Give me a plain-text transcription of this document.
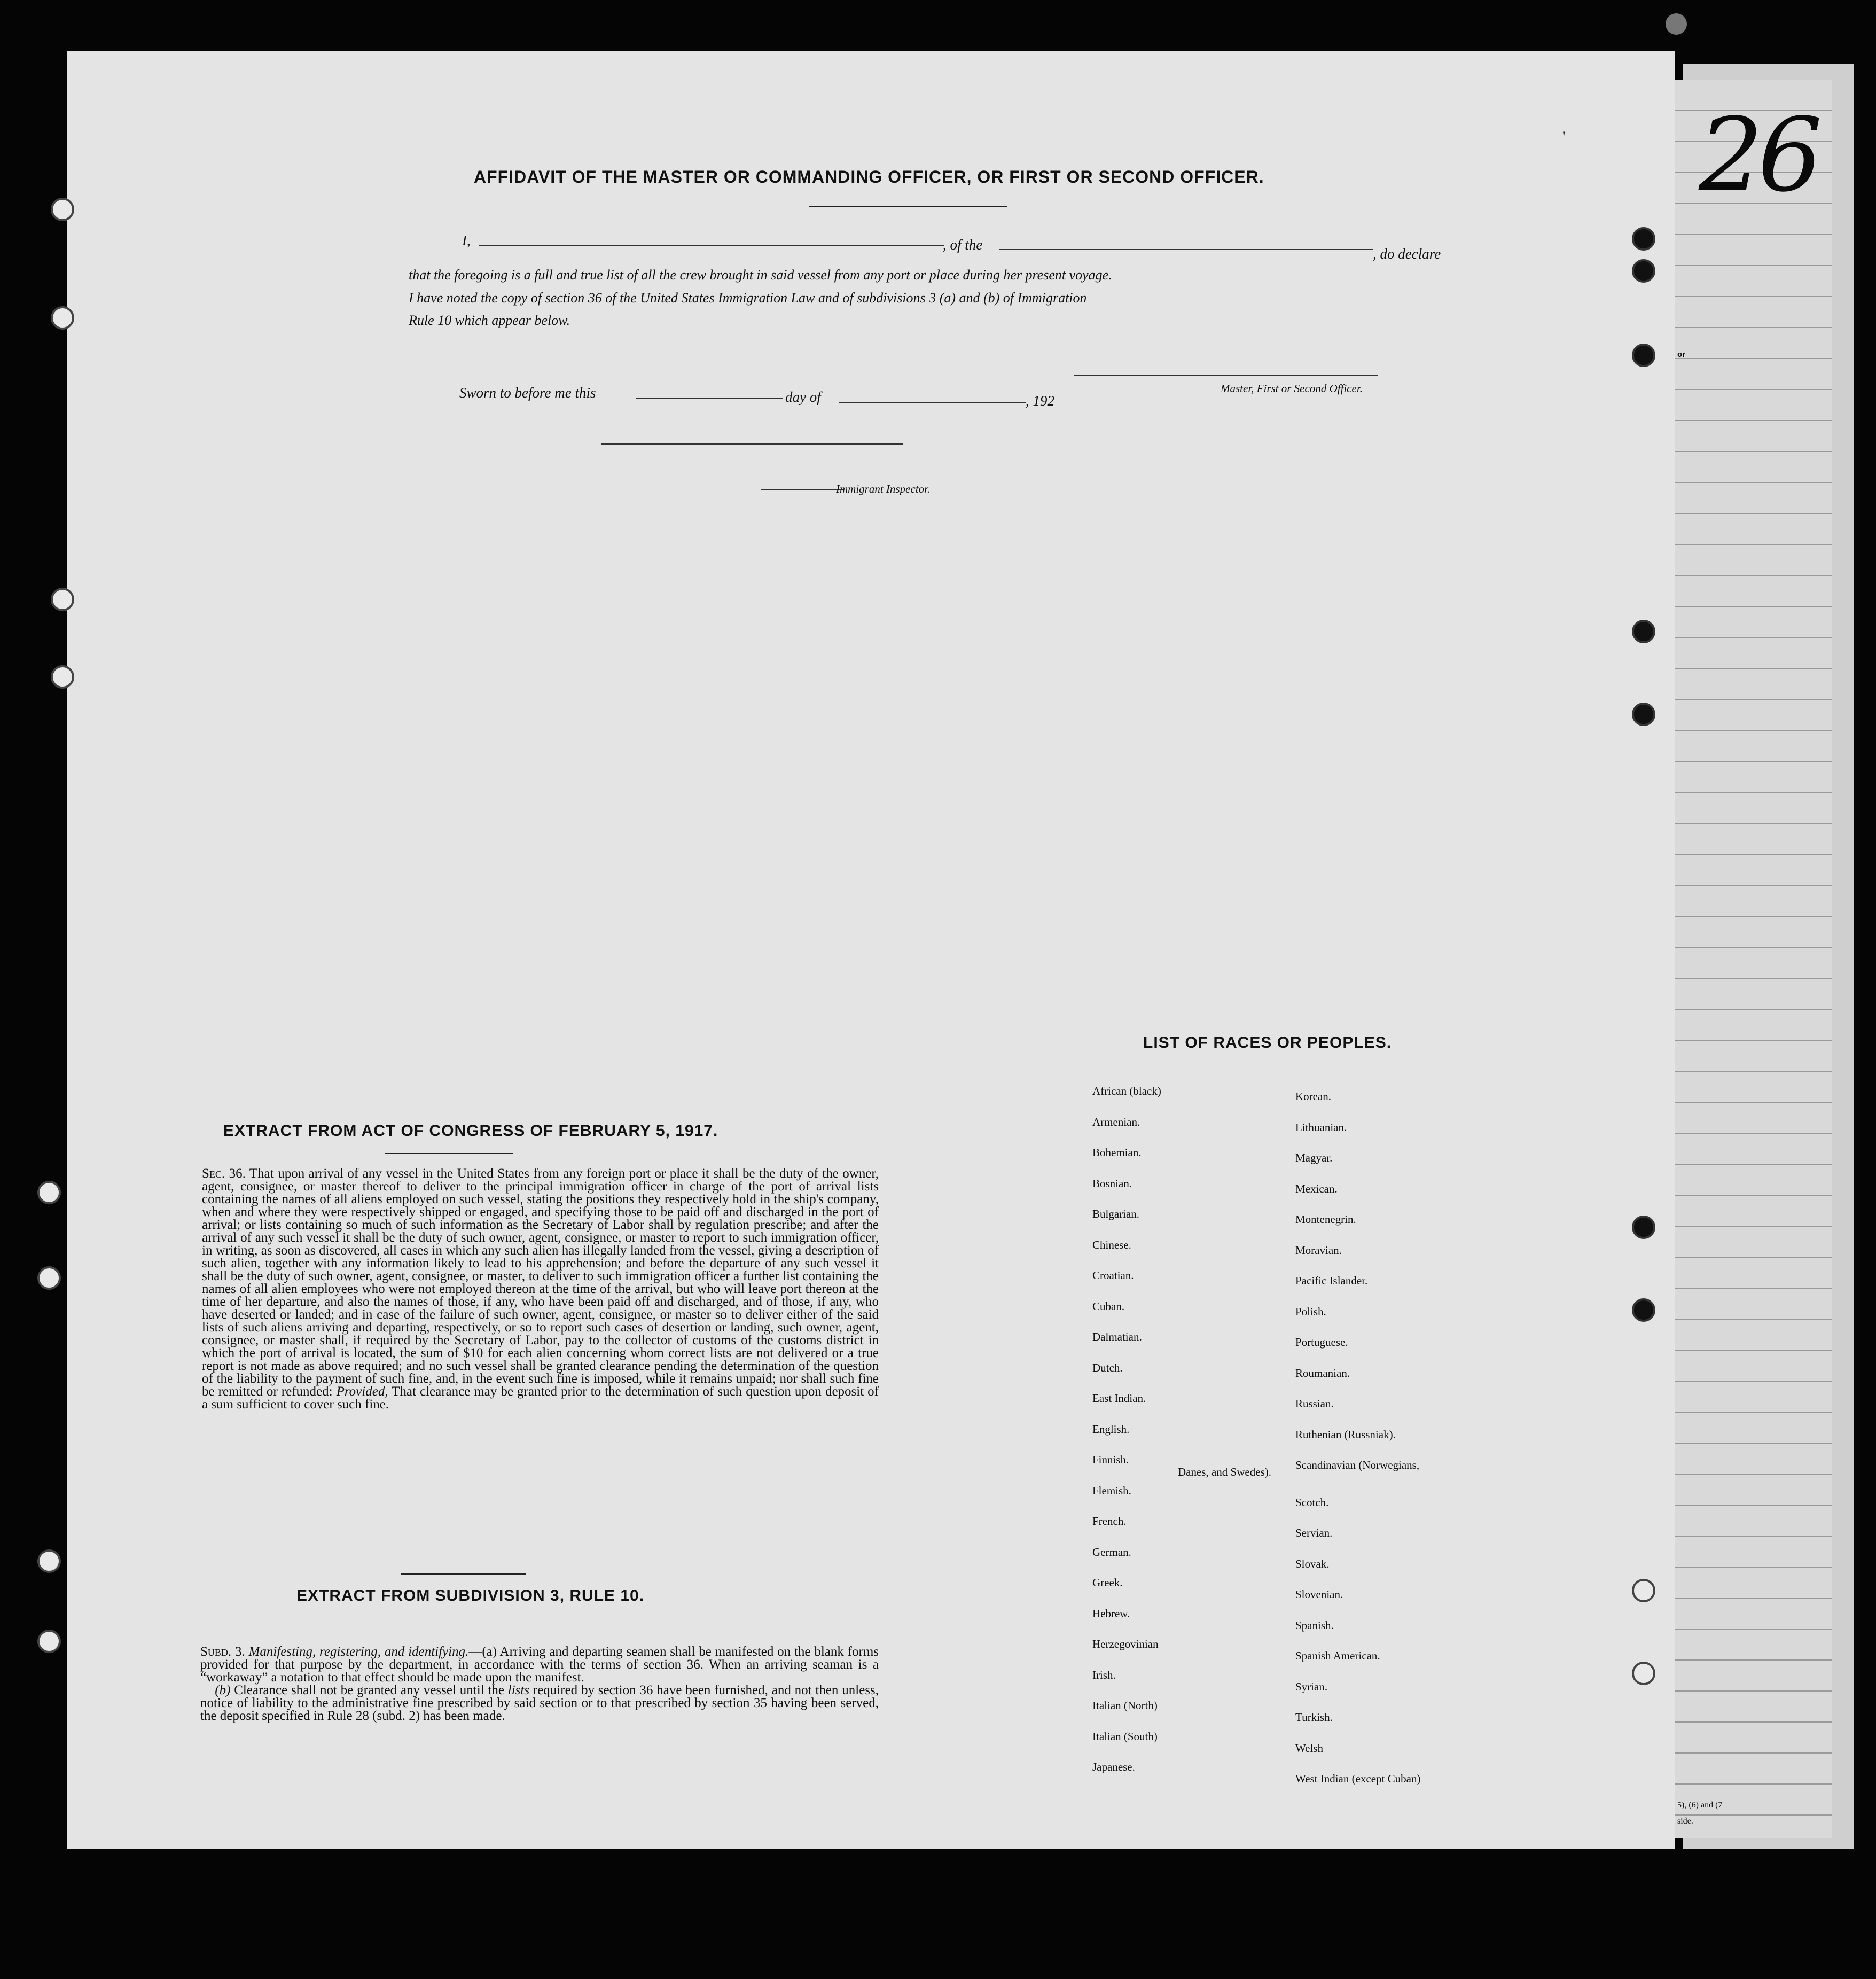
or
5), (6) and (7
side.
26
'
AFFIDAVIT OF THE MASTER OR COMMANDING OFFICER, OR FIRST OR SECOND OFFICER.
I,	, of the
, do declare
that the foregoing is a full and true list of all the crew brought in said vessel from any port or place during her present voyage.
I have noted the copy of section 36 of the United States Immigration Law and of subdivisions 3 (a) and (b) of Immigration
Rule 10 which appear below.
Master, First or Second Officer.
Sworn to before me this	day of	, 192
Immigrant Inspector.
EXTRACT FROM ACT OF CONGRESS OF FEBRUARY 5, 1917.
Sec. 36. That upon arrival of any vessel in the United States from any foreign port or place it shall be the duty of the owner, agent, consignee, or master thereof to deliver to the principal immigration officer in charge of the port of arrival lists containing the names of all aliens employed on such vessel, stating the positions they respectively hold in the ship's company, when and where they were respectively shipped or engaged, and specifying those to be paid off and discharged in the port of arrival; or lists containing so much of such information as the Secretary of Labor shall by regulation prescribe; and after the arrival of any such vessel it shall be the duty of such owner, agent, consignee, or master to report to such immigration officer, in writing, as soon as discovered, all cases in which any such alien has illegally landed from the vessel, giving a description of such alien, together with any information likely to lead to his apprehension; and before the departure of any such vessel it shall be the duty of such owner, agent, consignee, or master, to deliver to such immigration officer a further list containing the names of all alien employees who were not employed thereon at the time of the arrival, but who will leave port thereon at the time of her departure, and also the names of those, if any, who have been paid off and discharged, and of those, if any, who have deserted or landed; and in case of the failure of such owner, agent, consignee, or master so to deliver either of the said lists of such aliens arriving and departing, respectively, or so to report such cases of desertion or landing, such owner, agent, consignee, or master shall, if required by the Secretary of Labor, pay to the collector of customs of the customs district in which the port of arrival is located, the sum of $10 for each alien concerning whom correct lists are not delivered or a true report is not made as above required; and no such vessel shall be granted clearance pending the determination of the question of the liability to the payment of such fine, and, in the event such fine is imposed, while it remains unpaid; nor shall such fine be remitted or refunded: Provided, That clearance may be granted prior to the determination of such question upon deposit of a sum sufficient to cover such fine.
EXTRACT FROM SUBDIVISION 3, RULE 10.
Subd. 3. Manifesting, registering, and identifying.—(a) Arriving and departing seamen shall be manifested on the blank forms provided for that purpose by the department, in accordance with the terms of section 36. When an arriving seaman is a “workaway” a notation to that effect should be made upon the manifest.
(b) Clearance shall not be granted any vessel until the lists required by section 36 have been furnished, and not then unless, notice of liability to the administrative fine prescribed by said section or to that prescribed by section 35 having been served, the deposit specified in Rule 28 (subd. 2) has been made.
LIST OF RACES OR PEOPLES.
African (black)
Armenian.
Bohemian.
Bosnian.
Bulgarian.
Chinese.
Croatian.
Cuban.
Dalmatian.
Dutch.
East Indian.
English.
Finnish.
Flemish.
French.
German.
Greek.
Hebrew.
Herzegovinian
Irish.
Italian (North)
Italian (South)
Japanese.
Korean.
Lithuanian.
Magyar.
Mexican.
Montenegrin.
Moravian.
Pacific Islander.
Polish.
Portuguese.
Roumanian.
Russian.
Ruthenian (Russniak).
Scandinavian (Norwegians,
Scotch.
Servian.
Slovak.
Slovenian.
Spanish.
Spanish American.
Syrian.
Turkish.
Welsh
West Indian (except Cuban)
Danes, and Swedes).
